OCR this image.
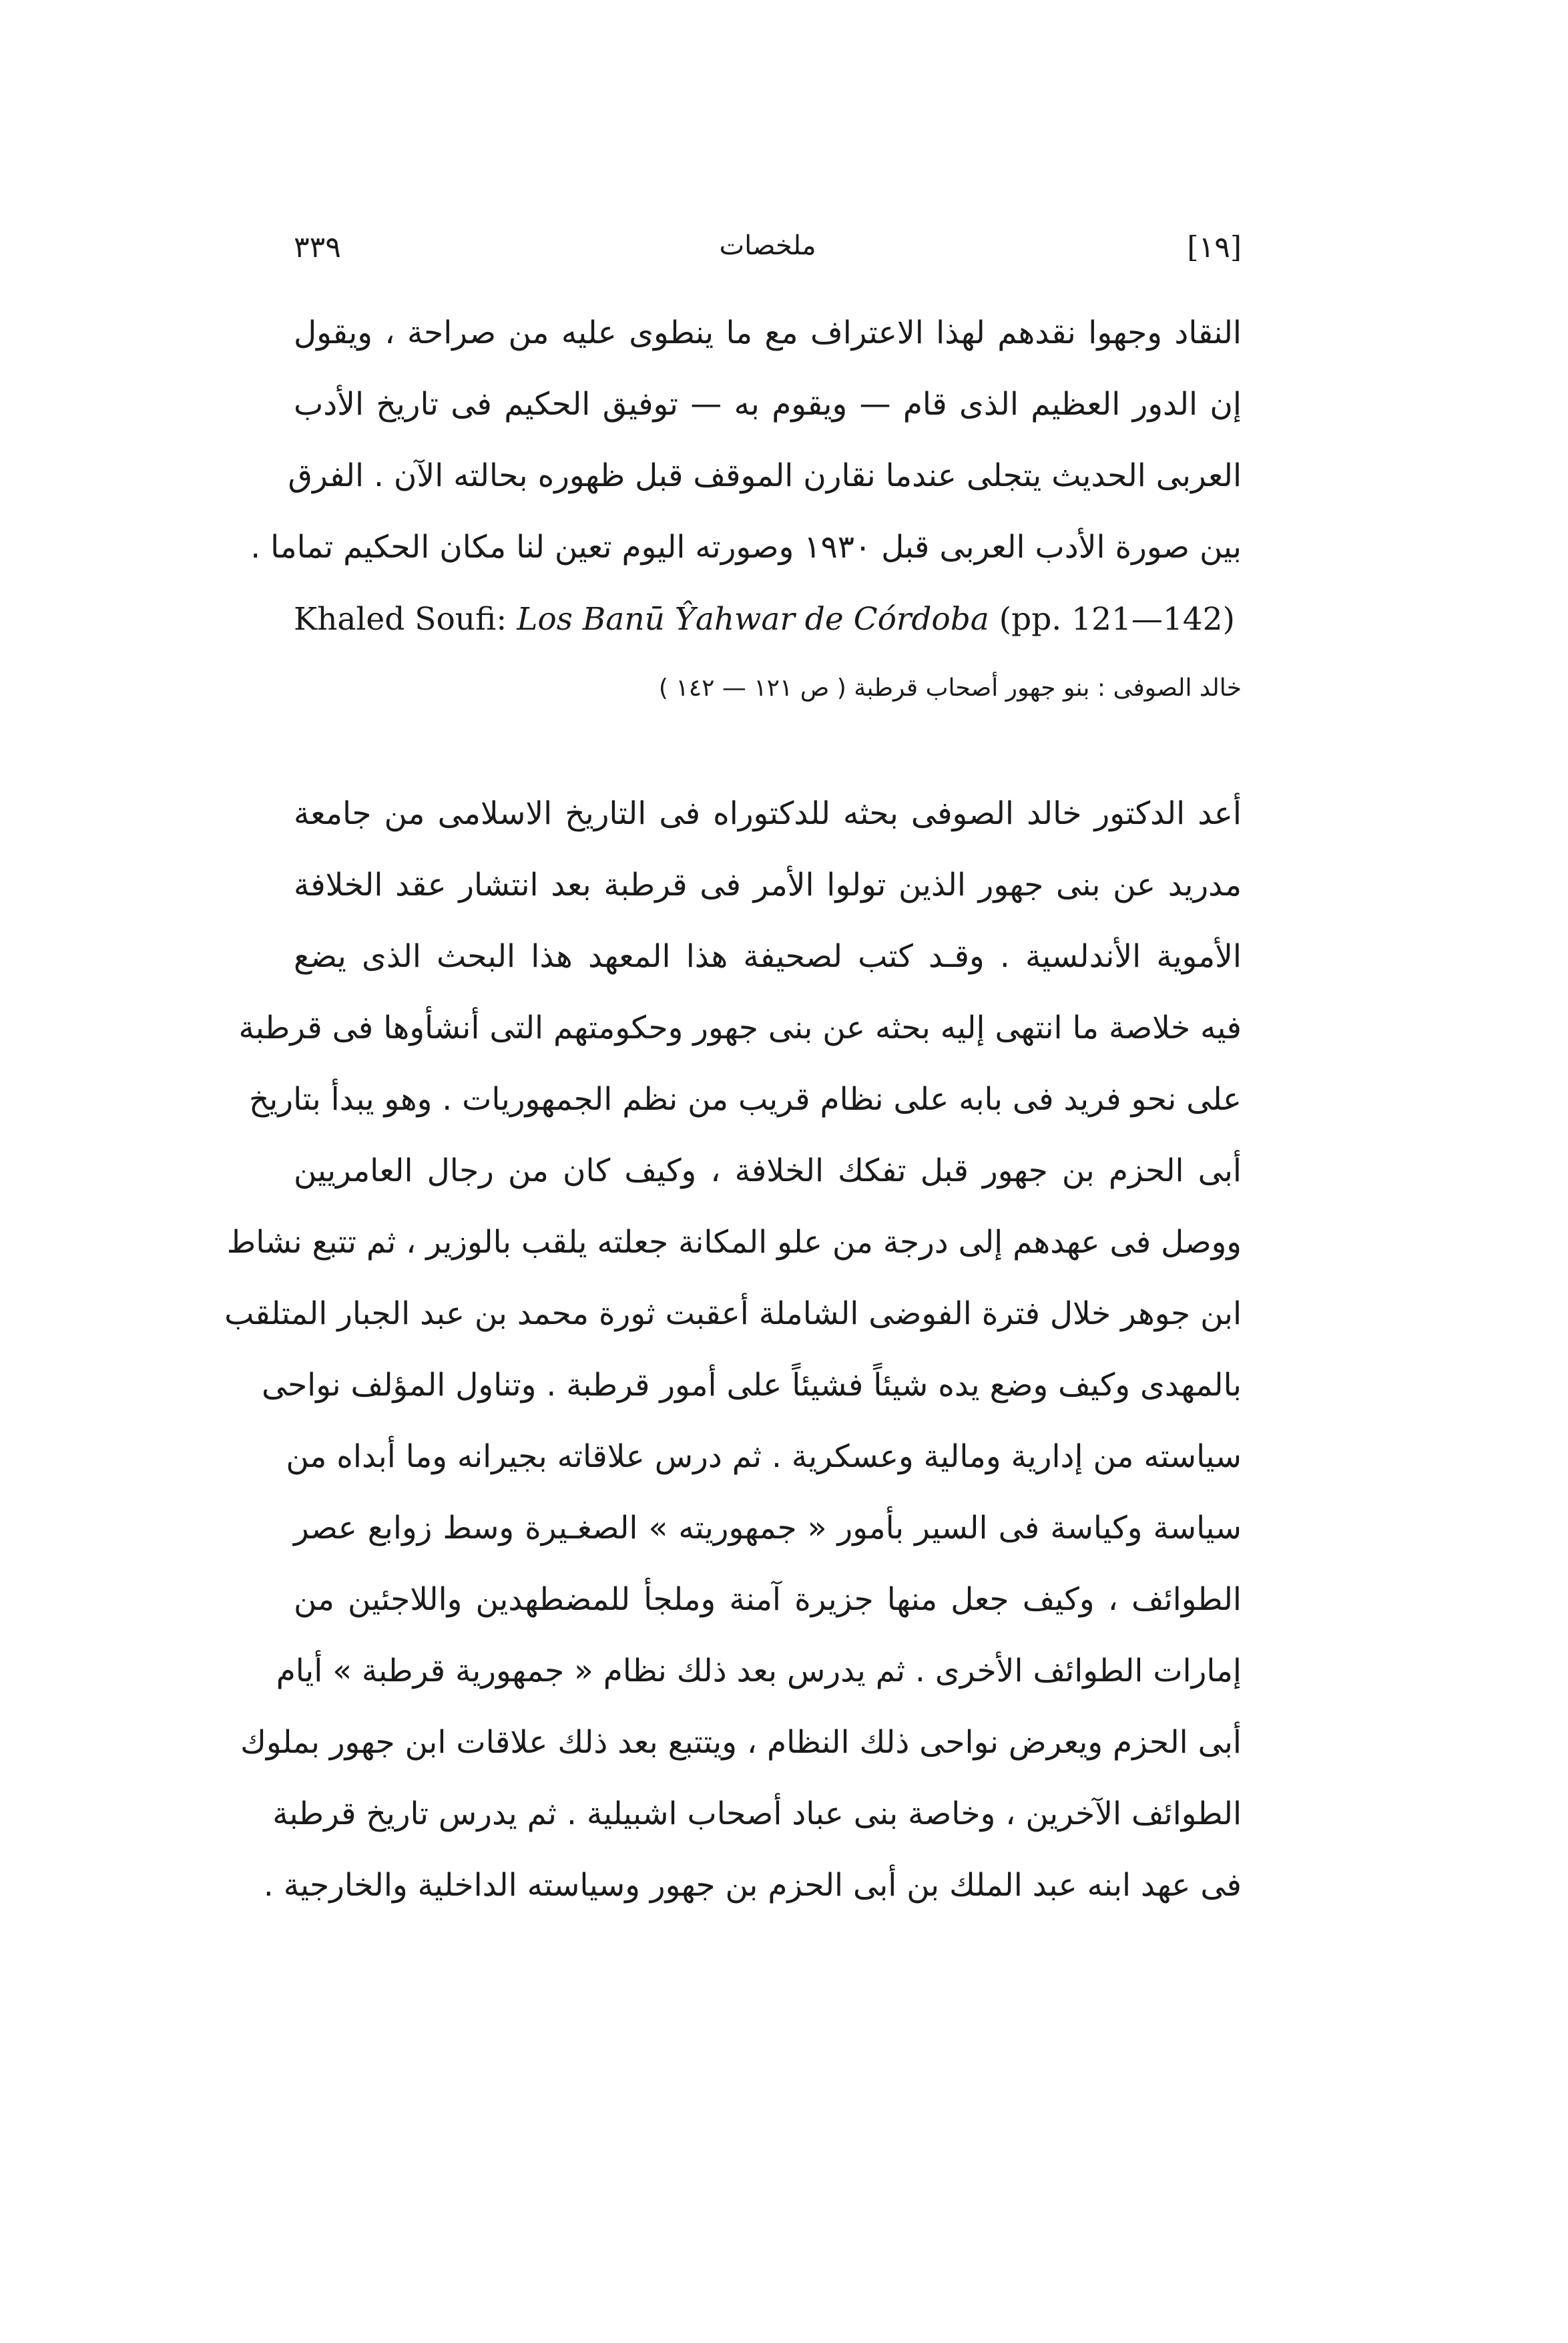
٣٣٩	ملخصات	[١٩]
النقاد وجهوا نقدهم لهذا الاعتراف مع ما ينطوى عليه من صراحة ، ويقول
إن الدور العظيم الذى قام — ويقوم به — توفيق الحكيم فى تاريخ الأدب
العربى الحديث يتجلى عندما نقارن الموقف قبل ظهوره بحالته الآن . الفرق
بين صورة الأدب العربى قبل ١٩٣٠ وصورته اليوم تعين لنا مكان الحكيم تماما .
Khaled Soufi: Los Banū Ŷahwar de Córdoba (pp. 121—142)
خالد الصوفى : بنو جهور أصحاب قرطبة ( ص ١٢١ — ١٤٢ )
أعد الدكتور خالد الصوفى بحثه للدكتوراه فى التاريخ الاسلامى من جامعة
مدريد عن بنى جهور الذين تولوا الأمر فى قرطبة بعد انتشار عقد الخلافة
الأموية الأندلسية . وقـد كتب لصحيفة هذا المعهد هذا البحث الذى يضع
فيه خلاصة ما انتهى إليه بحثه عن بنى جهور وحكومتهم التى أنشأوها فى قرطبة
على نحو فريد فى بابه على نظام قريب من نظم الجمهوريات . وهو يبدأ بتاريخ
أبى الحزم بن جهور قبل تفكك الخلافة ، وكيف كان من رجال العامريين
ووصل فى عهدهم إلى درجة من علو المكانة جعلته يلقب بالوزير ، ثم تتبع نشاط
ابن جوهر خلال فترة الفوضى الشاملة أعقبت ثورة محمد بن عبد الجبار المتلقب
بالمهدى وكيف وضع يده شيئاً فشيئاً على أمور قرطبة . وتناول المؤلف نواحى
سياسته من إدارية ومالية وعسكرية . ثم درس علاقاته بجيرانه وما أبداه من
سياسة وكياسة فى السير بأمور « جمهوريته » الصغـيرة وسط زوابع عصر
الطوائف ، وكيف جعل منها جزيرة آمنة وملجأ للمضطهدين واللاجئين من
إمارات الطوائف الأخرى . ثم يدرس بعد ذلك نظام « جمهورية قرطبة » أيام
أبى الحزم ويعرض نواحى ذلك النظام ، ويتتبع بعد ذلك علاقات ابن جهور بملوك
الطوائف الآخرين ، وخاصة بنى عباد أصحاب اشبيلية . ثم يدرس تاريخ قرطبة
فى عهد ابنه عبد الملك بن أبى الحزم بن جهور وسياسته الداخلية والخارجية .
